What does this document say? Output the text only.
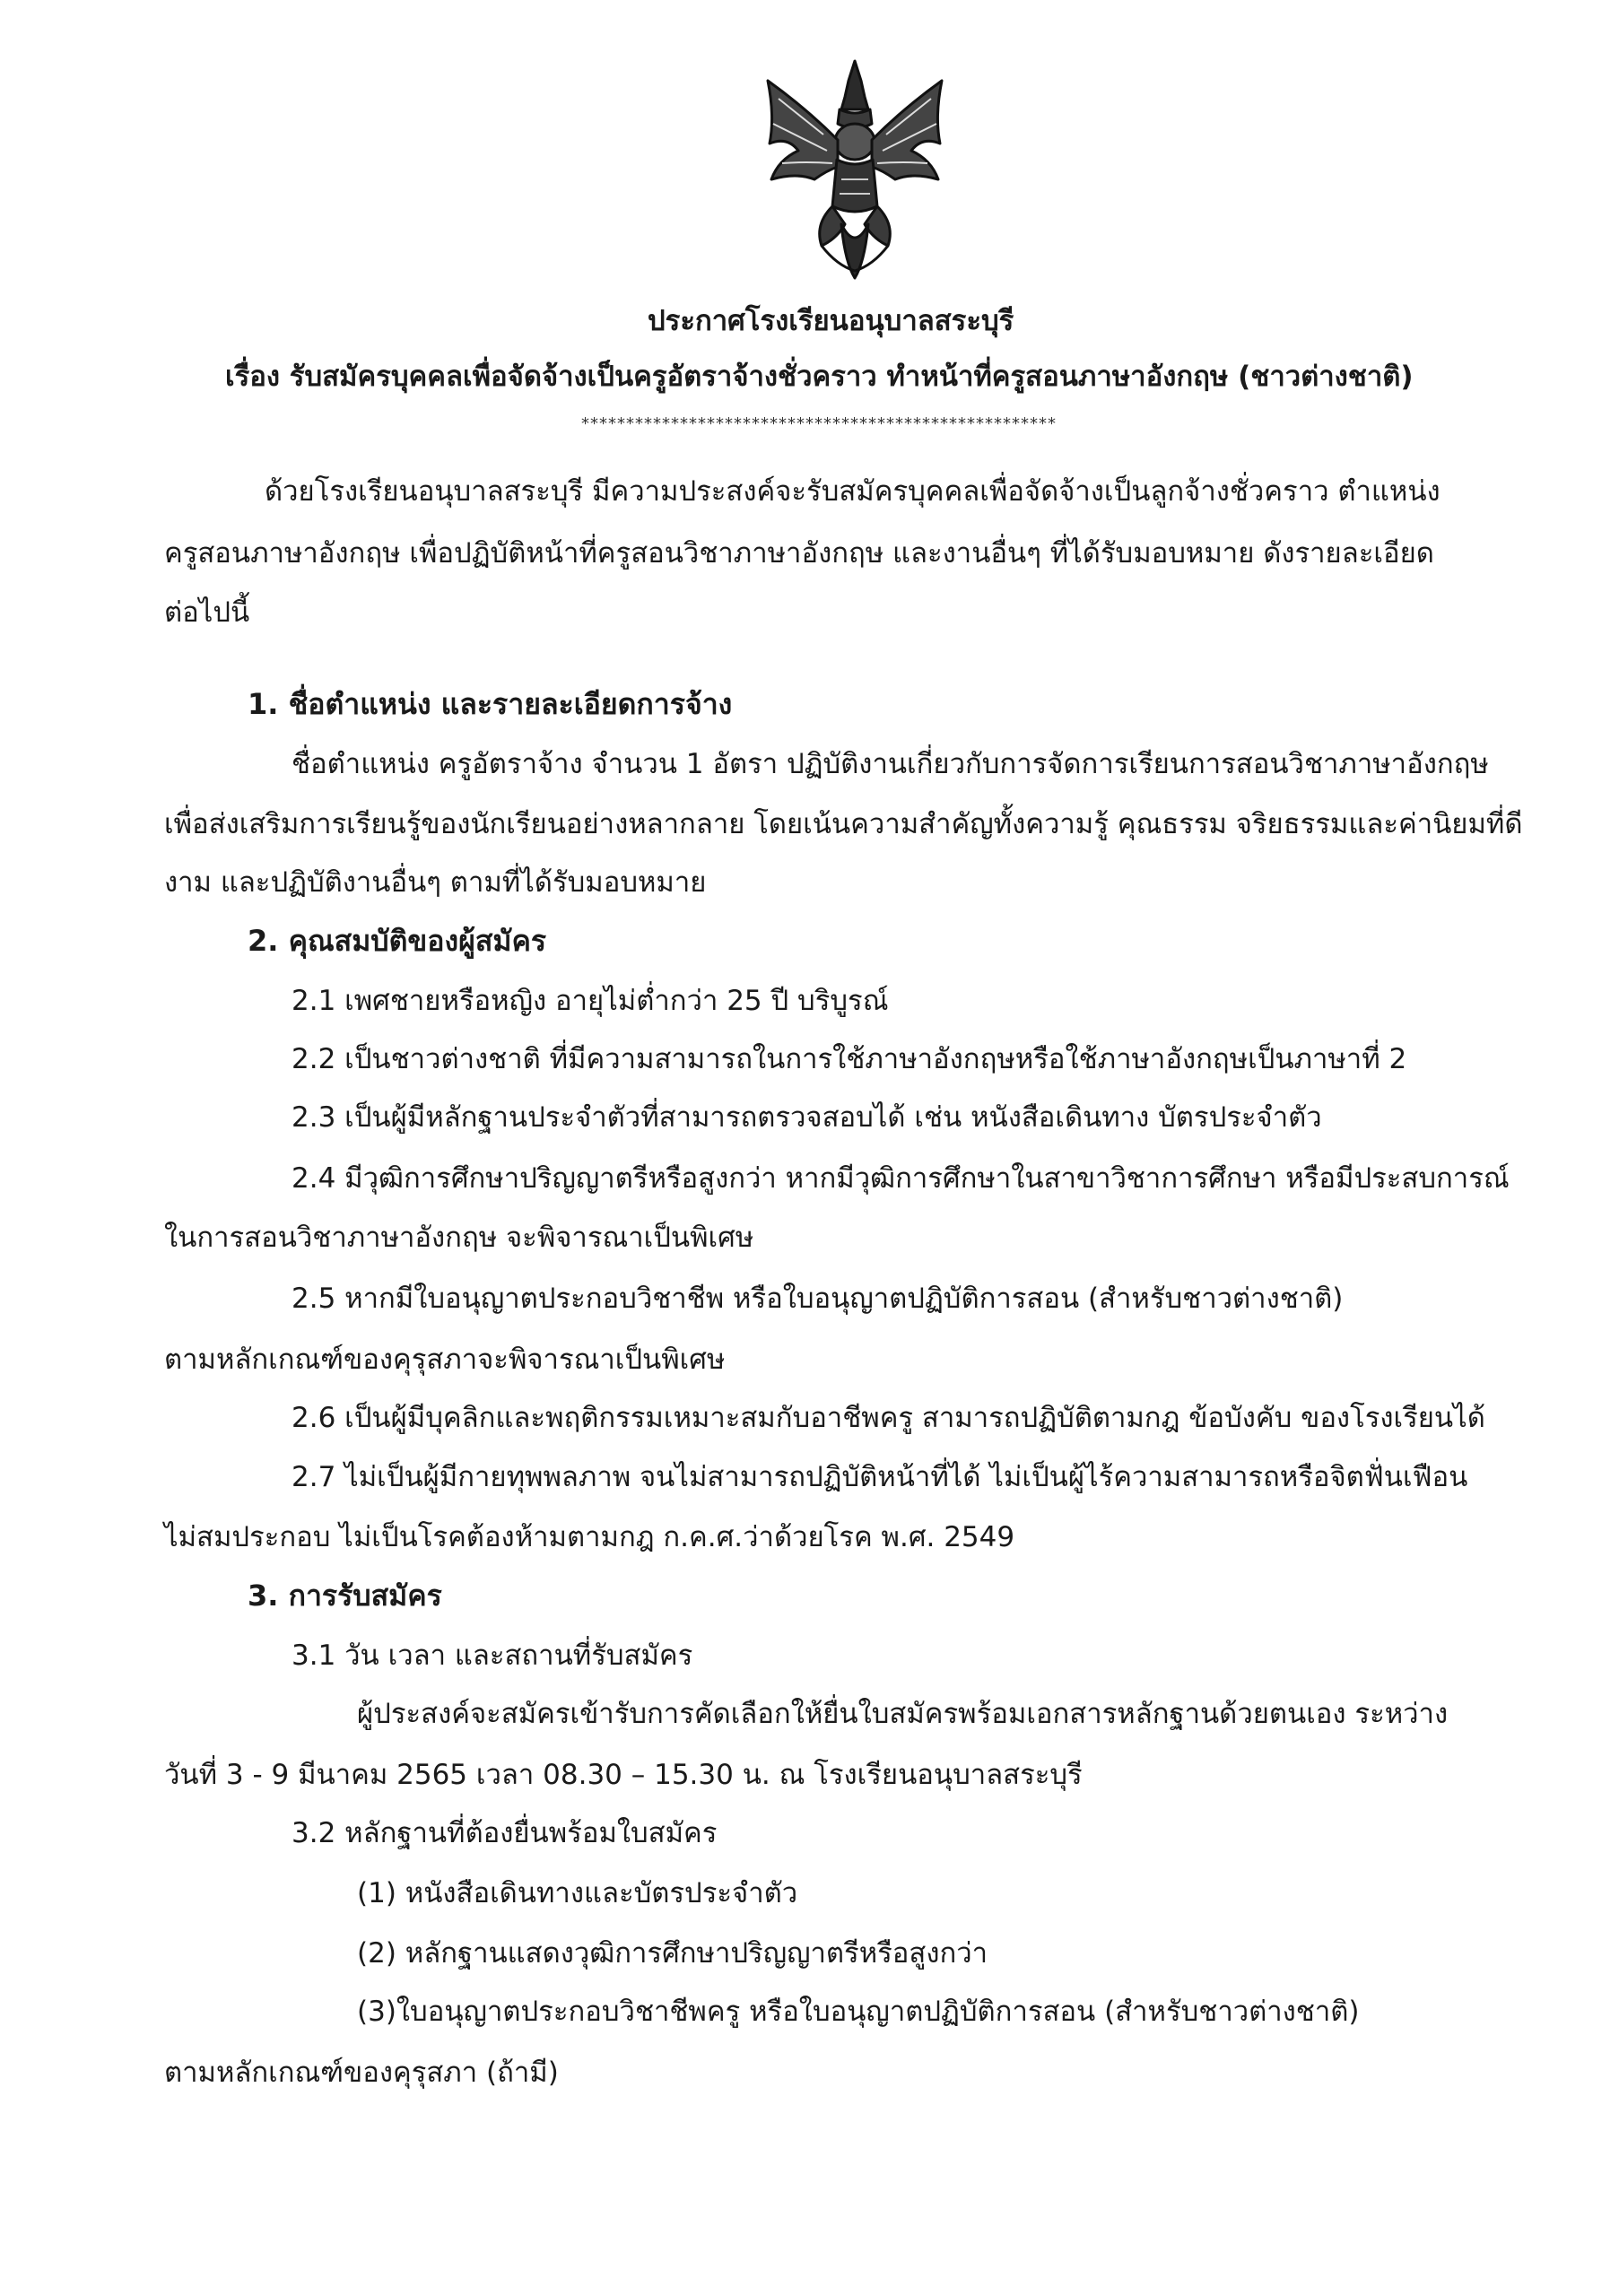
ประกาศโรงเรียนอนุบาลสระบุรี
เรื่อง รับสมัครบุคคลเพื่อจัดจ้างเป็นครูอัตราจ้างชั่วคราว ทำหน้าที่ครูสอนภาษาอังกฤษ (ชาวต่างชาติ)
*****************************************************
ด้วยโรงเรียนอนุบาลสระบุรี มีความประสงค์จะรับสมัครบุคคลเพื่อจัดจ้างเป็นลูกจ้างชั่วคราว ตำแหน่ง
ครูสอนภาษาอังกฤษ เพื่อปฏิบัติหน้าที่ครูสอนวิชาภาษาอังกฤษ และงานอื่นๆ ที่ได้รับมอบหมาย ดังรายละเอียด
ต่อไปนี้
1. ชื่อตำแหน่ง และรายละเอียดการจ้าง
ชื่อตำแหน่ง ครูอัตราจ้าง จำนวน 1 อัตรา ปฏิบัติงานเกี่ยวกับการจัดการเรียนการสอนวิชาภาษาอังกฤษ
เพื่อส่งเสริมการเรียนรู้ของนักเรียนอย่างหลากลาย โดยเน้นความสำคัญทั้งความรู้ คุณธรรม จริยธรรมและค่านิยมที่ดี
งาม และปฏิบัติงานอื่นๆ ตามที่ได้รับมอบหมาย
2. คุณสมบัติของผู้สมัคร
2.1 เพศชายหรือหญิง อายุไม่ต่ำกว่า 25 ปี บริบูรณ์
2.2 เป็นชาวต่างชาติ ที่มีความสามารถในการใช้ภาษาอังกฤษหรือใช้ภาษาอังกฤษเป็นภาษาที่ 2
2.3 เป็นผู้มีหลักฐานประจำตัวที่สามารถตรวจสอบได้ เช่น หนังสือเดินทาง บัตรประจำตัว
2.4 มีวุฒิการศึกษาปริญญาตรีหรือสูงกว่า หากมีวุฒิการศึกษาในสาขาวิชาการศึกษา หรือมีประสบการณ์
ในการสอนวิชาภาษาอังกฤษ จะพิจารณาเป็นพิเศษ
2.5 หากมีใบอนุญาตประกอบวิชาชีพ หรือใบอนุญาตปฏิบัติการสอน (สำหรับชาวต่างชาติ)
ตามหลักเกณฑ์ของคุรุสภาจะพิจารณาเป็นพิเศษ
2.6 เป็นผู้มีบุคลิกและพฤติกรรมเหมาะสมกับอาชีพครู สามารถปฏิบัติตามกฎ ข้อบังคับ ของโรงเรียนได้
2.7 ไม่เป็นผู้มีกายทุพพลภาพ จนไม่สามารถปฏิบัติหน้าที่ได้ ไม่เป็นผู้ไร้ความสามารถหรือจิตฟั่นเฟือน
ไม่สมประกอบ ไม่เป็นโรคต้องห้ามตามกฎ ก.ค.ศ.ว่าด้วยโรค พ.ศ. 2549
3. การรับสมัคร
3.1 วัน เวลา และสถานที่รับสมัคร
ผู้ประสงค์จะสมัครเข้ารับการคัดเลือกให้ยื่นใบสมัครพร้อมเอกสารหลักฐานด้วยตนเอง ระหว่าง
วันที่ 3 - 9 มีนาคม 2565 เวลา 08.30 – 15.30 น. ณ โรงเรียนอนุบาลสระบุรี
3.2 หลักฐานที่ต้องยื่นพร้อมใบสมัคร
(1) หนังสือเดินทางและบัตรประจำตัว
(2) หลักฐานแสดงวุฒิการศึกษาปริญญาตรีหรือสูงกว่า
(3)ใบอนุญาตประกอบวิชาชีพครู หรือใบอนุญาตปฏิบัติการสอน (สำหรับชาวต่างชาติ)
ตามหลักเกณฑ์ของคุรุสภา (ถ้ามี)
